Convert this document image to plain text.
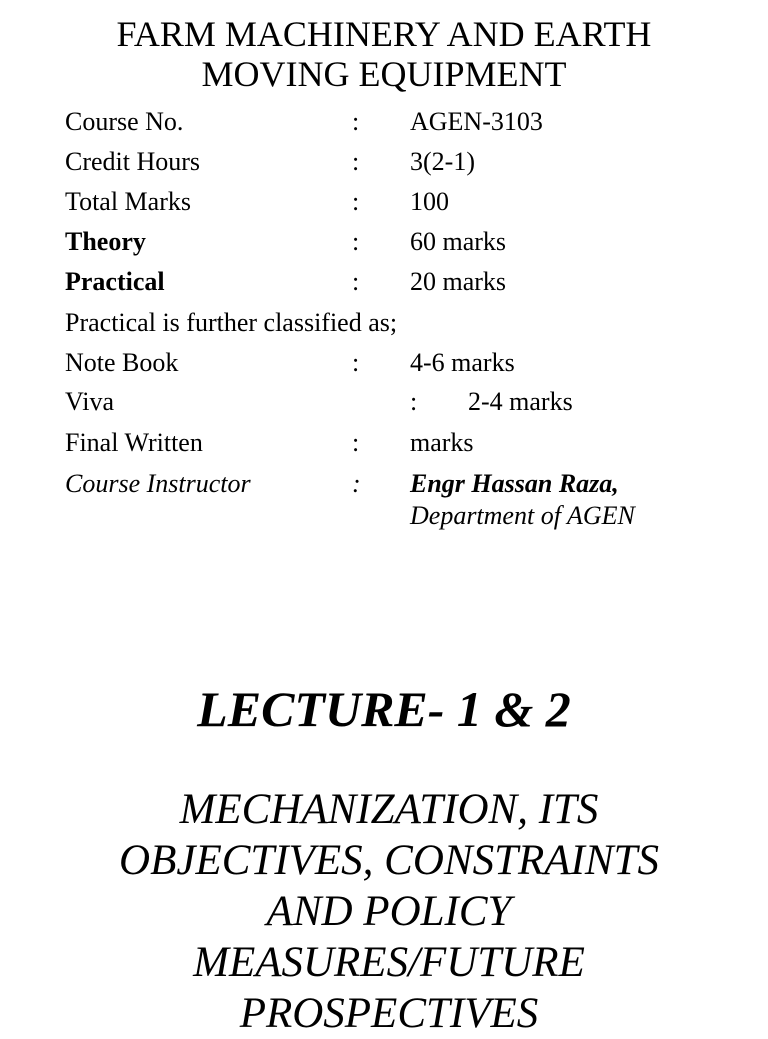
FARM MACHINERY AND EARTH
MOVING EQUIPMENT
Course No.	: AGEN-3103
Credit Hours	: 3(2-1)
Total Marks	: 100
Theory	: 60 marks
Practical	: 20 marks
Practical is further classified as;
Note Book	: 4-6 marks
Viva	: 2-4 marks
Final Written	: marks
Course Instructor	: Engr Hassan Raza,
Department of AGEN
LECTURE- 1 & 2
MECHANIZATION, ITS
OBJECTIVES, CONSTRAINTS
AND POLICY
MEASURES/FUTURE
PROSPECTIVES
